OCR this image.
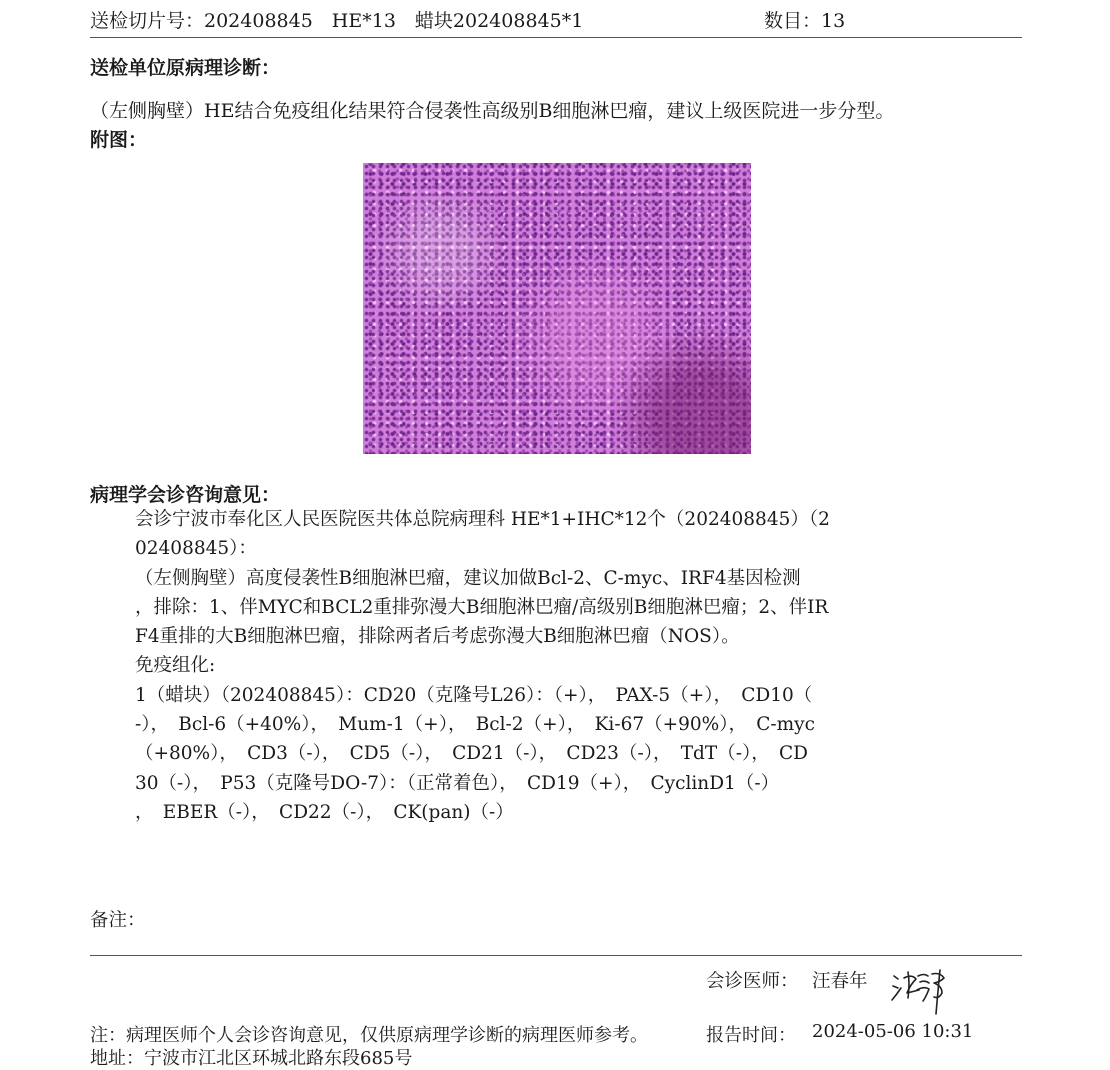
送检切片号：202408845　HE*13　蜡块202408845*1	数目：13
送检单位原病理诊断：
（左侧胸壁）HE结合免疫组化结果符合侵袭性高级别B细胞淋巴瘤，建议上级医院进一步分型。
附图：
病理学会诊咨询意见：
会诊宁波市奉化区人民医院医共体总院病理科 HE*1+IHC*12个（202408845）（2
02408845）：
（左侧胸壁）高度侵袭性B细胞淋巴瘤，建议加做Bcl-2、C-myc、IRF4基因检测
，排除：1、伴MYC和BCL2重排弥漫大B细胞淋巴瘤/高级别B细胞淋巴瘤；2、伴IR
F4重排的大B细胞淋巴瘤，排除两者后考虑弥漫大B细胞淋巴瘤（NOS）。
免疫组化:
1（蜡块）（202408845）：CD20（克隆号L26）：（+），　PAX-5（+），　CD10（
-），　Bcl-6（+40%），　Mum-1（+），　Bcl-2（+），　Ki-67（+90%），　C-myc
（+80%），　CD3（-），　CD5（-），　CD21（-），　CD23（-），　TdT（-），　CD
30（-），　P53（克隆号DO-7）：（正常着色），　CD19（+），　CyclinD1（-）
，　EBER（-），　CD22（-），　CK(pan)（-）
备注：
会诊医师： 汪春年
注：病理医师个人会诊咨询意见，仅供原病理学诊断的病理医师参考。	报告时间： 2024-05-06 10:31
地址：宁波市江北区环城北路东段685号
